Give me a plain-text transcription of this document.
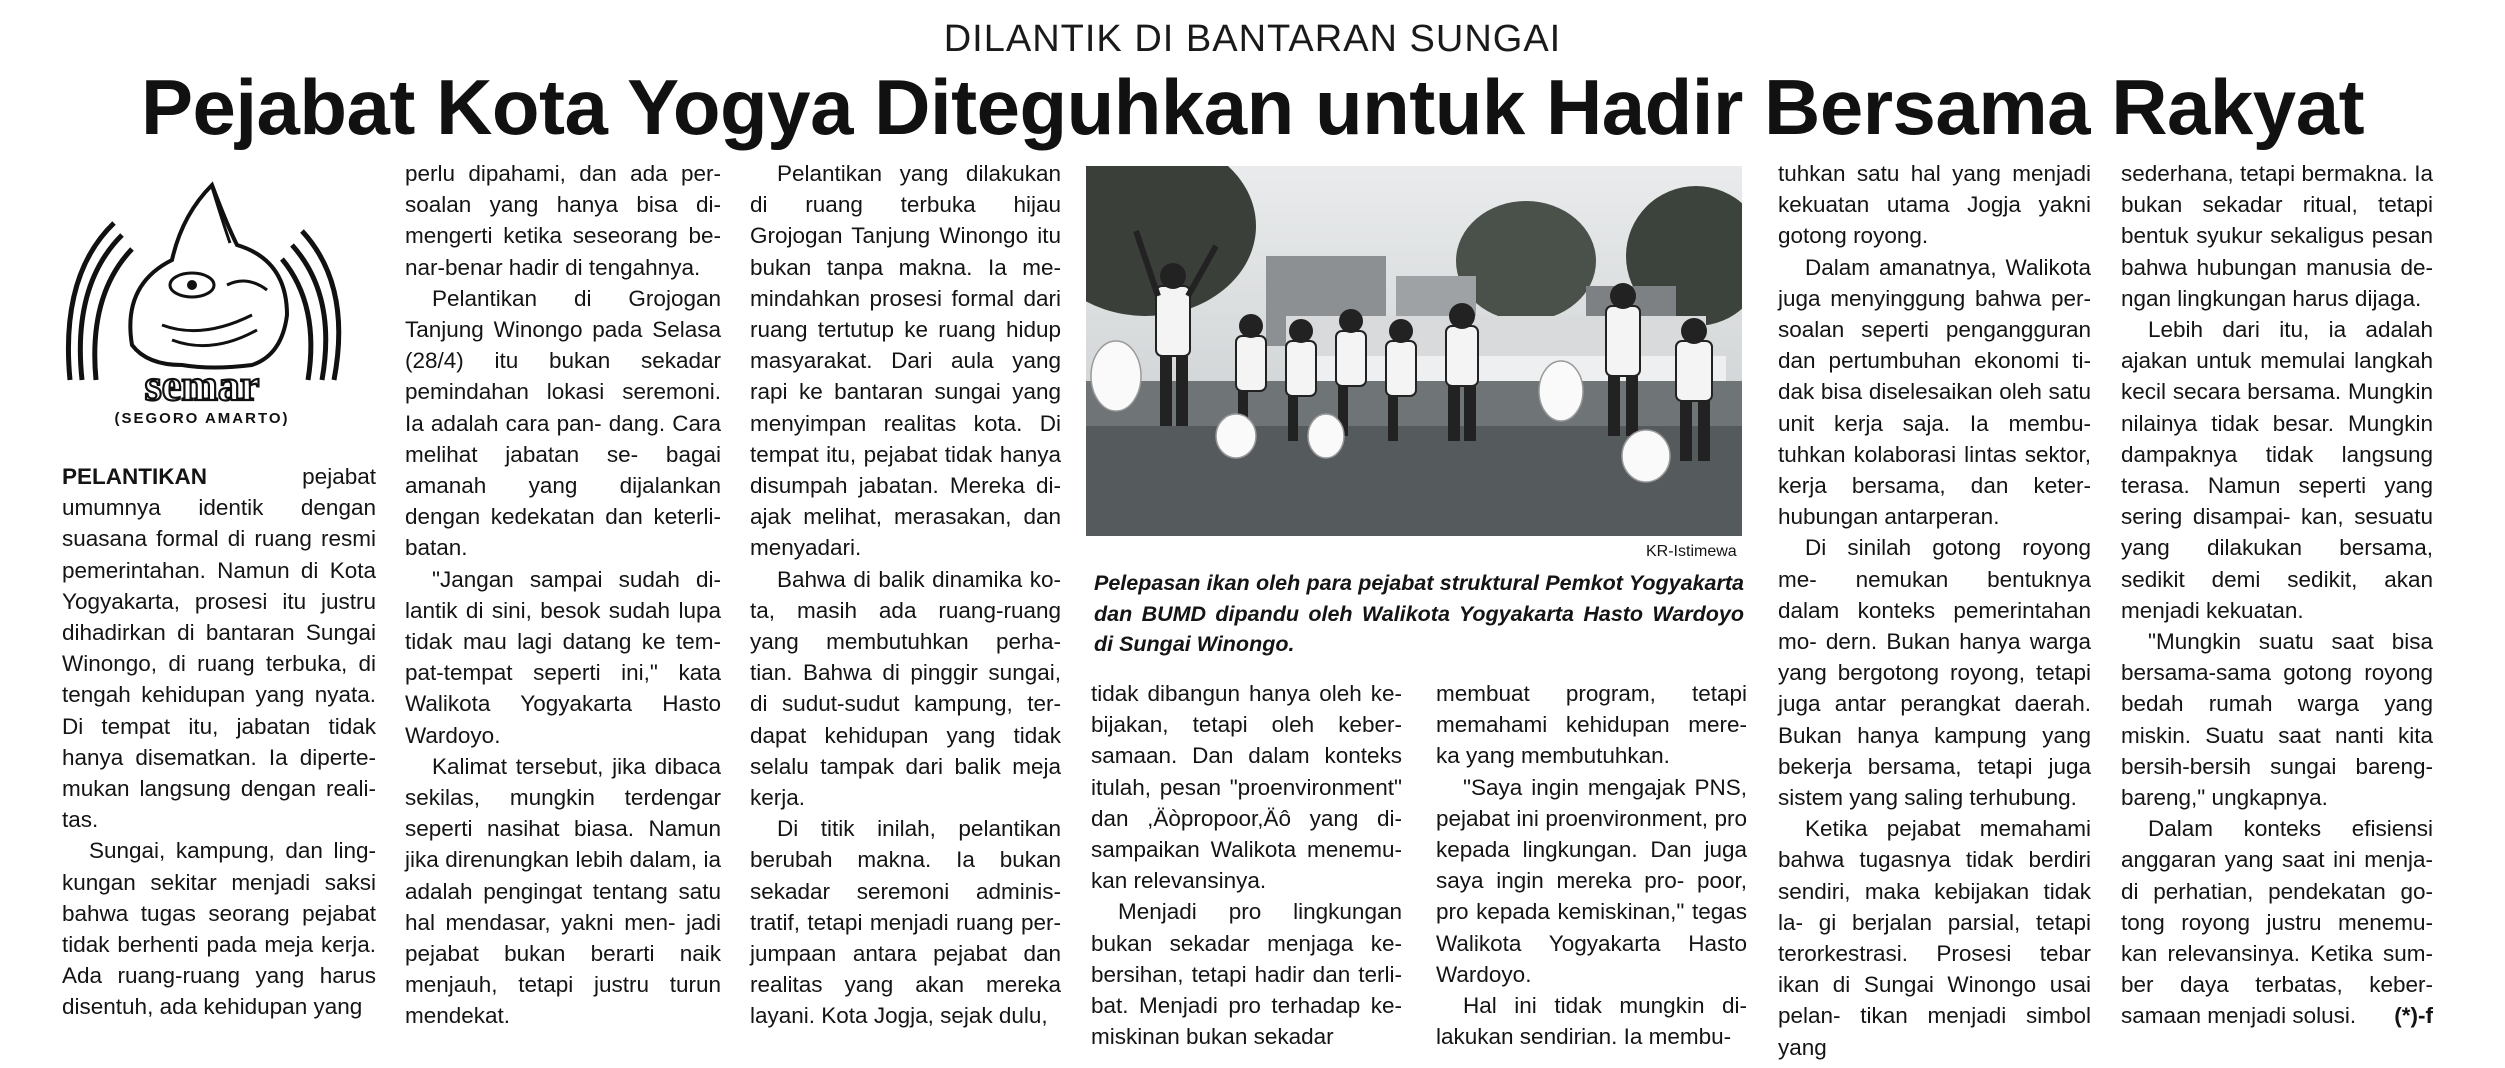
DILANTIK DI BANTARAN SUNGAI
Pejabat Kota Yogya Diteguhkan untuk Hadir Bersama Rakyat
semar
(SEGORO AMARTO)

PELANTIKAN pejabat umumnya identik dengan suasana formal di ruang resmi pemerintahan. Namun di Kota Yogyakarta, prosesi itu justru dihadirkan di bantaran Sungai Winongo, di ruang terbuka, di tengah kehidupan yang nyata. Di tempat itu, jabatan tidak hanya disematkan. Ia diperte- mukan langsung dengan reali- tas.

Sungai, kampung, dan ling- kungan sekitar menjadi saksi bahwa tugas seorang pejabat tidak berhenti pada meja kerja. Ada ruang-ruang yang harus disentuh, ada kehidupan yang

perlu dipahami, dan ada per- soalan yang hanya bisa di- mengerti ketika seseorang be- nar-benar hadir di tengahnya.

Pelantikan di Grojogan Tanjung Winongo pada Selasa (28/4) itu bukan sekadar pemindahan lokasi seremoni. Ia adalah cara pan- dang. Cara melihat jabatan se- bagai amanah yang dijalankan dengan kedekatan dan keterli- batan.

"Jangan sampai sudah di- lantik di sini, besok sudah lupa tidak mau lagi datang ke tem- pat-tempat seperti ini," kata Walikota Yogyakarta Hasto Wardoyo.

Kalimat tersebut, jika dibaca sekilas, mungkin terdengar seperti nasihat biasa. Namun jika direnungkan lebih dalam, ia adalah pengingat tentang satu hal mendasar, yakni men- jadi pejabat bukan berarti naik menjauh, tetapi justru turun mendekat.

Pelantikan yang dilakukan di ruang terbuka hijau Grojogan Tanjung Winongo itu bukan tanpa makna. Ia me- mindahkan prosesi formal dari ruang tertutup ke ruang hidup masyarakat. Dari aula yang rapi ke bantaran sungai yang menyimpan realitas kota. Di tempat itu, pejabat tidak hanya disumpah jabatan. Mereka di- ajak melihat, merasakan, dan menyadari.

Bahwa di balik dinamika ko- ta, masih ada ruang-ruang yang membutuhkan perha- tian. Bahwa di pinggir sungai, di sudut-sudut kampung, ter- dapat kehidupan yang tidak selalu tampak dari balik meja kerja.

Di titik inilah, pelantikan berubah makna. Ia bukan sekadar seremoni adminis- tratif, tetapi menjadi ruang per- jumpaan antara pejabat dan realitas yang akan mereka layani. Kota Jogja, sejak dulu,

KR-Istimewa
Pelepasan ikan oleh para pejabat struktural Pemkot Yogyakarta dan BUMD dipandu oleh Walikota Yogyakarta Hasto Wardoyo di Sungai Winongo.

tidak dibangun hanya oleh ke- bijakan, tetapi oleh keber- samaan. Dan dalam konteks itulah, pesan "proenvironment" dan ,Äòpropoor,Äô yang di- sampaikan Walikota menemu- kan relevansinya.

Menjadi pro lingkungan bukan sekadar menjaga ke- bersihan, tetapi hadir dan terli- bat. Menjadi pro terhadap ke- miskinan bukan sekadar

membuat program, tetapi memahami kehidupan mere- ka yang membutuhkan.

"Saya ingin mengajak PNS, pejabat ini proenvironment, pro kepada lingkungan. Dan juga saya ingin mereka pro- poor, pro kepada kemiskinan," tegas Walikota Yogyakarta Hasto Wardoyo.

Hal ini tidak mungkin di- lakukan sendirian. Ia membu-

tuhkan satu hal yang menjadi kekuatan utama Jogja yakni gotong royong.

Dalam amanatnya, Walikota juga menyinggung bahwa per- soalan seperti pengangguran dan pertumbuhan ekonomi ti- dak bisa diselesaikan oleh satu unit kerja saja. Ia membu- tuhkan kolaborasi lintas sektor, kerja bersama, dan keter- hubungan antarperan.

Di sinilah gotong royong me- nemukan bentuknya dalam konteks pemerintahan mo- dern. Bukan hanya warga yang bergotong royong, tetapi juga antar perangkat daerah. Bukan hanya kampung yang bekerja bersama, tetapi juga sistem yang saling terhubung.

Ketika pejabat memahami bahwa tugasnya tidak berdiri sendiri, maka kebijakan tidak la- gi berjalan parsial, tetapi terorkestrasi. Prosesi tebar ikan di Sungai Winongo usai pelan- tikan menjadi simbol yang

sederhana, tetapi bermakna. Ia bukan sekadar ritual, tetapi bentuk syukur sekaligus pesan bahwa hubungan manusia de- ngan lingkungan harus dijaga.

Lebih dari itu, ia adalah ajakan untuk memulai langkah kecil secara bersama. Mungkin nilainya tidak besar. Mungkin dampaknya tidak langsung terasa. Namun seperti yang sering disampai- kan, sesuatu yang dilakukan bersama, sedikit demi sedikit, akan menjadi kekuatan.

"Mungkin suatu saat bisa bersama-sama gotong royong bedah rumah warga yang miskin. Suatu saat nanti kita bersih-bersih sungai bareng- bareng," ungkapnya.

Dalam konteks efisiensi anggaran yang saat ini menja- di perhatian, pendekatan go- tong royong justru menemu- kan relevansinya. Ketika sum- ber daya terbatas, keber- samaan menjadi solusi.	(*)-f
